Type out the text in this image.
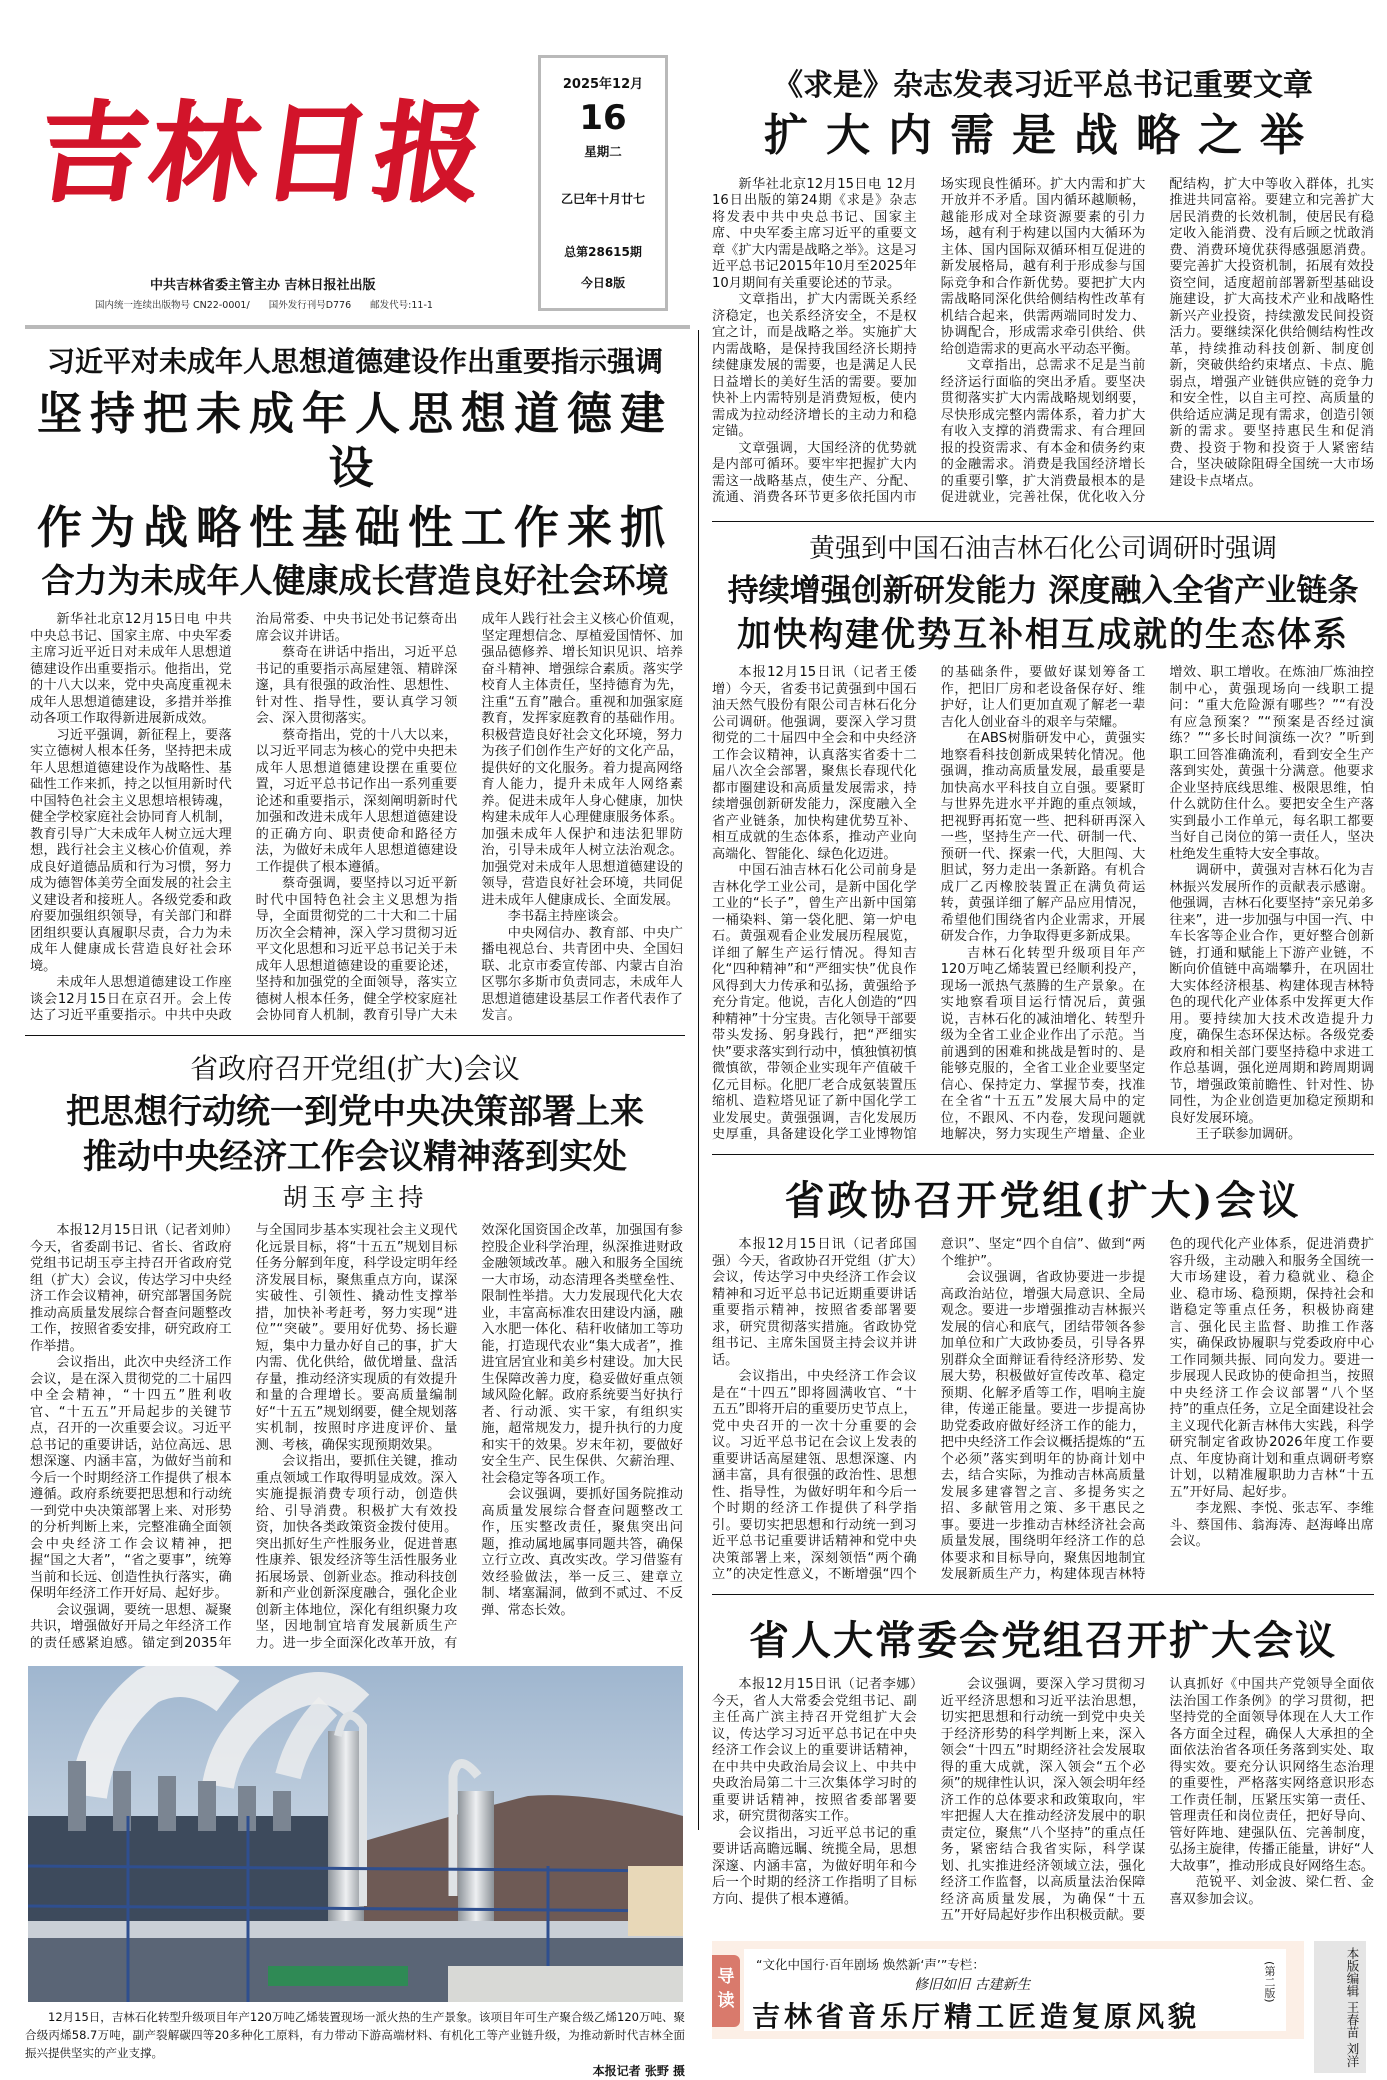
吉林日报
中共吉林省委主管主办 吉林日报社出版
国内统一连续出版物号 CN22-0001/ 国外发行刊号D776 邮发代号:11-1
2025年12月
16
星期二
乙巳年十月廿七
总第28615期
今日8版
习近平对未成年人思想道德建设作出重要指示强调
坚持把未成年人思想道德建设
作为战略性基础性工作来抓
合力为未成年人健康成长营造良好社会环境

新华社北京12月15日电 中共中央总书记、国家主席、中央军委主席习近平近日对未成年人思想道德建设作出重要指示。他指出，党的十八大以来，党中央高度重视未成年人思想道德建设，多措并举推动各项工作取得新进展新成效。

习近平强调，新征程上，要落实立德树人根本任务，坚持把未成年人思想道德建设作为战略性、基础性工作来抓，持之以恒用新时代中国特色社会主义思想培根铸魂，健全学校家庭社会协同育人机制，教育引导广大未成年人树立远大理想，践行社会主义核心价值观，养成良好道德品质和行为习惯，努力成为德智体美劳全面发展的社会主义建设者和接班人。各级党委和政府要加强组织领导，有关部门和群团组织要认真履职尽责，合力为未成年人健康成长营造良好社会环境。

未成年人思想道德建设工作座谈会12月15日在京召开。会上传达了习近平重要指示。中共中央政治局常委、中央书记处书记蔡奇出席会议并讲话。

蔡奇在讲话中指出，习近平总书记的重要指示高屋建瓴、精辟深邃，具有很强的政治性、思想性、针对性、指导性，要认真学习领会、深入贯彻落实。

蔡奇指出，党的十八大以来，以习近平同志为核心的党中央把未成年人思想道德建设摆在重要位置，习近平总书记作出一系列重要论述和重要指示，深刻阐明新时代加强和改进未成年人思想道德建设的正确方向、职责使命和路径方法，为做好未成年人思想道德建设工作提供了根本遵循。

蔡奇强调，要坚持以习近平新时代中国特色社会主义思想为指导，全面贯彻党的二十大和二十届历次全会精神，深入学习贯彻习近平文化思想和习近平总书记关于未成年人思想道德建设的重要论述，坚持和加强党的全面领导，落实立德树人根本任务，健全学校家庭社会协同育人机制，教育引导广大未成年人践行社会主义核心价值观，坚定理想信念、厚植爱国情怀、加强品德修养、增长知识见识、培养奋斗精神、增强综合素质。落实学校育人主体责任，坚持德育为先，注重“五育”融合。重视和加强家庭教育，发挥家庭教育的基础作用。积极营造良好社会文化环境，努力为孩子们创作生产好的文化产品，提供好的文化服务。着力提高网络育人能力，提升未成年人网络素养。促进未成年人身心健康，加快构建未成年人心理健康服务体系。加强未成年人保护和违法犯罪防治，引导未成年人树立法治观念。加强党对未成年人思想道德建设的领导，营造良好社会环境，共同促进未成年人健康成长、全面发展。

李书磊主持座谈会。

中央网信办、教育部、中央广播电视总台、共青团中央、全国妇联、北京市委宣传部、内蒙古自治区鄂尔多斯市负责同志，未成年人思想道德建设基层工作者代表作了发言。

省政府召开党组(扩大)会议
把思想行动统一到党中央决策部署上来
推动中央经济工作会议精神落到实处
胡玉亭主持

本报12月15日讯（记者刘帅）今天，省委副书记、省长、省政府党组书记胡玉亭主持召开省政府党组（扩大）会议，传达学习中央经济工作会议精神，研究部署国务院推动高质量发展综合督查问题整改工作，按照省委安排，研究政府工作举措。

会议指出，此次中央经济工作会议，是在深入贯彻党的二十届四中全会精神，“十四五”胜利收官、“十五五”开局起步的关键节点，召开的一次重要会议。习近平总书记的重要讲话，站位高远、思想深邃、内涵丰富，为做好当前和今后一个时期经济工作提供了根本遵循。政府系统要把思想和行动统一到党中央决策部署上来、对形势的分析判断上来，完整准确全面领会中央经济工作会议精神，把握“国之大者”，“省之要事”，统筹当前和长远、创造性执行落实，确保明年经济工作开好局、起好步。

会议强调，要统一思想、凝聚共识，增强做好开局之年经济工作的责任感紧迫感。锚定到2035年与全国同步基本实现社会主义现代化远景目标，将“十五五”规划目标任务分解到年度，科学设定明年经济发展目标，聚焦重点方向，谋深实破性、引领性、撬动性支撑举措，加快补考赶考，努力实现“进位”“突破”。要用好优势、扬长避短，集中力量办好自己的事，扩大内需、优化供给，做优增量、盘活存量，推动经济实现质的有效提升和量的合理增长。要高质量编制好“十五五”规划纲要，健全规划落实机制，按照时序进度评价、量测、考核，确保实现预期效果。

会议指出，要抓住关键，推动重点领域工作取得明显成效。深入实施提振消费专项行动，创造供给、引导消费。积极扩大有效投资，加快各类政策资金拨付使用。突出抓好生产性服务业，促进普惠性康养、银发经济等生活性服务业拓展场景、创新业态。推动科技创新和产业创新深度融合，强化企业创新主体地位，深化有组织聚力攻坚，因地制宜培育发展新质生产力。进一步全面深化改革开放，有效深化国资国企改革，加强国有参控股企业科学治理，纵深推进财政金融领域改革。融入和服务全国统一大市场，动态清理各类壁垒性、限制性举措。大力发展现代化大农业，丰富高标准农田建设内涵，融入水肥一体化、秸秆收储加工等功能，打造现代农业“集大成者”，推进宜居宜业和美乡村建设。加大民生保障改善力度，稳妥做好重点领域风险化解。政府系统要当好执行者、行动派、实干家，有组织实施，超常规发力，提升执行的力度和实干的效果。岁末年初，要做好安全生产、民生保供、欠薪治理、社会稳定等各项工作。

会议强调，要抓好国务院推动高质量发展综合督查问题整改工作，压实整改责任，聚焦突出问题，推动属地属事同题共答，确保立行立改、真改实改。学习借鉴有效经验做法，举一反三、建章立制、堵塞漏洞，做到不贰过、不反弹、常态长效。

12月15日，吉林石化转型升级项目年产120万吨乙烯装置现场一派火热的生产景象。该项目年可生产聚合级乙烯120万吨、聚合级丙烯58.7万吨，副产裂解碳四等20多种化工原料，有力带动下游高端材料、有机化工等产业链升级，为推动新时代吉林全面振兴提供坚实的产业支撑。
本报记者 张野 摄
《求是》杂志发表习近平总书记重要文章
扩大内需是战略之举

新华社北京12月15日电 12月16日出版的第24期《求是》杂志将发表中共中央总书记、国家主席、中央军委主席习近平的重要文章《扩大内需是战略之举》。这是习近平总书记2015年10月至2025年10月期间有关重要论述的节录。

文章指出，扩大内需既关系经济稳定，也关系经济安全，不是权宜之计，而是战略之举。实施扩大内需战略，是保持我国经济长期持续健康发展的需要，也是满足人民日益增长的美好生活的需要。要加快补上内需特别是消费短板，使内需成为拉动经济增长的主动力和稳定锚。

文章强调，大国经济的优势就是内部可循环。要牢牢把握扩大内需这一战略基点，使生产、分配、流通、消费各环节更多依托国内市场实现良性循环。扩大内需和扩大开放并不矛盾。国内循环越顺畅，越能形成对全球资源要素的引力场，越有利于构建以国内大循环为主体、国内国际双循环相互促进的新发展格局，越有利于形成参与国际竞争和合作新优势。要把扩大内需战略同深化供给侧结构性改革有机结合起来，供需两端同时发力、协调配合，形成需求牵引供给、供给创造需求的更高水平动态平衡。

文章指出，总需求不足是当前经济运行面临的突出矛盾。要坚决贯彻落实扩大内需战略规划纲要，尽快形成完整内需体系，着力扩大有收入支撑的消费需求、有合理回报的投资需求、有本金和债务约束的金融需求。消费是我国经济增长的重要引擎，扩大消费最根本的是促进就业，完善社保，优化收入分配结构，扩大中等收入群体，扎实推进共同富裕。要建立和完善扩大居民消费的长效机制，使居民有稳定收入能消费、没有后顾之忧敢消费、消费环境优获得感强愿消费。要完善扩大投资机制，拓展有效投资空间，适度超前部署新型基础设施建设，扩大高技术产业和战略性新兴产业投资，持续激发民间投资活力。要继续深化供给侧结构性改革，持续推动科技创新、制度创新，突破供给约束堵点、卡点、脆弱点，增强产业链供应链的竞争力和安全性，以自主可控、高质量的供给适应满足现有需求，创造引领新的需求。要坚持惠民生和促消费、投资于物和投资于人紧密结合，坚决破除阻碍全国统一大市场建设卡点堵点。

黄强到中国石油吉林石化公司调研时强调
持续增强创新研发能力 深度融入全省产业链条
加快构建优势互补相互成就的生态体系

本报12月15日讯（记者王倭增）今天，省委书记黄强到中国石油天然气股份有限公司吉林石化分公司调研。他强调，要深入学习贯彻党的二十届四中全会和中央经济工作会议精神，认真落实省委十二届八次全会部署，聚焦长春现代化都市圈建设和高质量发展需求，持续增强创新研发能力，深度融入全省产业链条，加快构建优势互补、相互成就的生态体系，推动产业向高端化、智能化、绿色化迈进。

中国石油吉林石化公司前身是吉林化学工业公司，是新中国化学工业的“长子”，曾生产出新中国第一桶染料、第一袋化肥、第一炉电石。黄强观看企业发展历程展览，详细了解生产运行情况。得知吉化“四种精神”和“严细实快”优良作风得到大力传承和弘扬，黄强给予充分肯定。他说，吉化人创造的“四种精神”十分宝贵。吉化领导干部要带头发扬、躬身践行，把“严细实快”要求落实到行动中，慎独慎初慎微慎欲，带领企业实现年产值破千亿元目标。化肥厂老合成氨装置压缩机、造粒塔见证了新中国化学工业发展史。黄强强调，吉化发展历史厚重，具备建设化学工业博物馆的基础条件，要做好谋划筹备工作，把旧厂房和老设备保存好、维护好，让人们更加直观了解老一辈吉化人创业奋斗的艰辛与荣耀。

在ABS树脂研发中心，黄强实地察看科技创新成果转化情况。他强调，推动高质量发展，最重要是加快高水平科技自立自强。要紧盯与世界先进水平并跑的重点领域，把视野再拓宽一些、把科研再深入一些，坚持生产一代、研制一代、预研一代、探索一代，大胆闯、大胆试，努力走出一条新路。有机合成厂乙丙橡胶装置正在满负荷运转，黄强详细了解产品应用情况，希望他们围绕省内企业需求，开展研发合作，力争取得更多新成果。

吉林石化转型升级项目年产120万吨乙烯装置已经顺利投产，现场一派热气蒸腾的生产景象。在实地察看项目运行情况后，黄强说，吉林石化的减油增化、转型升级为全省工业企业作出了示范。当前遇到的困难和挑战是暂时的、是能够克服的，全省工业企业要坚定信心、保持定力、掌握节奏，找准在全省“十五五”发展大局中的定位，不跟风、不内卷，发现问题就地解决，努力实现生产增量、企业增效、职工增收。在炼油厂炼油控制中心，黄强现场向一线职工提问：“重大危险源有哪些？”“有没有应急预案？”“预案是否经过演练？”“多长时间演练一次？”听到职工回答准确流利，看到安全生产落到实处，黄强十分满意。他要求企业坚持底线思维、极限思维，怕什么就防住什么。要把安全生产落实到最小工作单元，每名职工都要当好自己岗位的第一责任人，坚决杜绝发生重特大安全事故。

调研中，黄强对吉林石化为吉林振兴发展所作的贡献表示感谢。他强调，吉林石化要坚持“亲兄弟多往来”，进一步加强与中国一汽、中车长客等企业合作，更好整合创新链，打通和赋能上下游产业链，不断向价值链中高端攀升，在巩固壮大实体经济根基、构建体现吉林特色的现代化产业体系中发挥更大作用。要持续加大技术改造提升力度，确保生态环保达标。各级党委政府和相关部门要坚持稳中求进工作总基调，强化逆周期和跨周期调节，增强政策前瞻性、针对性、协同性，为企业创造更加稳定预期和良好发展环境。

王子联参加调研。

省政协召开党组(扩大)会议

本报12月15日讯（记者邱国强）今天，省政协召开党组（扩大）会议，传达学习中央经济工作会议精神和习近平总书记近期重要讲话重要指示精神，按照省委部署要求，研究贯彻落实措施。省政协党组书记、主席朱国贤主持会议并讲话。

会议指出，中央经济工作会议是在“十四五”即将圆满收官、“十五五”即将开启的重要历史节点上，党中央召开的一次十分重要的会议。习近平总书记在会议上发表的重要讲话高屋建瓴、思想深邃、内涵丰富，具有很强的政治性、思想性、指导性，为做好明年和今后一个时期的经济工作提供了科学指引。要切实把思想和行动统一到习近平总书记重要讲话精神和党中央决策部署上来，深刻领悟“两个确立”的决定性意义，不断增强“四个意识”、坚定“四个自信”、做到“两个维护”。

会议强调，省政协要进一步提高政治站位，增强大局意识、全局观念。要进一步增强推动吉林振兴发展的信心和底气，团结带领各参加单位和广大政协委员，引导各界别群众全面辩证看待经济形势、发展大势，积极做好宣传改革、稳定预期、化解矛盾等工作，唱响主旋律，传递正能量。要进一步提高协助党委政府做好经济工作的能力，把中央经济工作会议概括提炼的“五个必须”落实到明年的协商计划中去，结合实际，为推动吉林高质量发展多建睿智之言、多提务实之招、多献管用之策、多干惠民之事。要进一步推动吉林经济社会高质量发展，围绕明年经济工作的总体要求和目标导向，聚焦因地制宜发展新质生产力，构建体现吉林特色的现代化产业体系，促进消费扩容升级，主动融入和服务全国统一大市场建设，着力稳就业、稳企业、稳市场、稳预期，保持社会和谐稳定等重点任务，积极协商建言、强化民主监督、助推工作落实，确保政协履职与党委政府中心工作同频共振、同向发力。要进一步展现人民政协的使命担当，按照中央经济工作会议部署“八个坚持”的重点任务，立足全面建设社会主义现代化新吉林伟大实践，科学研究制定省政协2026年度工作要点、年度协商计划和重点调研考察计划，以精准履职助力吉林“十五五”开好局、起好步。

李龙熙、李悦、张志军、李维斗、蔡国伟、翁海涛、赵海峰出席会议。

省人大常委会党组召开扩大会议

本报12月15日讯（记者李娜）今天，省人大常委会党组书记、副主任高广滨主持召开党组扩大会议，传达学习习近平总书记在中央经济工作会议上的重要讲话精神，在中共中央政治局会议上、中共中央政治局第二十三次集体学习时的重要讲话精神，按照省委部署要求，研究贯彻落实工作。

会议指出，习近平总书记的重要讲话高瞻远瞩、统揽全局，思想深邃、内涵丰富，为做好明年和今后一个时期的经济工作指明了目标方向、提供了根本遵循。

会议强调，要深入学习贯彻习近平经济思想和习近平法治思想，切实把思想和行动统一到党中央关于经济形势的科学判断上来，深入领会“十四五”时期经济社会发展取得的重大成就，深入领会“五个必须”的规律性认识，深入领会明年经济工作的总体要求和政策取向，牢牢把握人大在推动经济发展中的职责定位，聚焦“八个坚持”的重点任务，紧密结合我省实际，科学谋划、扎实推进经济领域立法，强化经济工作监督，以高质量法治保障经济高质量发展，为确保“十五五”开好局起好步作出积极贡献。要认真抓好《中国共产党领导全面依法治国工作条例》的学习贯彻，把坚持党的全面领导体现在人大工作各方面全过程，确保人大承担的全面依法治省各项任务落到实处、取得实效。要充分认识网络生态治理的重要性，严格落实网络意识形态工作责任制，压紧压实第一责任、管理责任和岗位责任，把好导向、管好阵地、建强队伍、完善制度，弘扬主旋律，传播正能量，讲好“人大故事”，推动形成良好网络生态。

范锐平、刘金波、梁仁哲、金喜双参加会议。

导读
“文化中国行·百年剧场 焕然新‘声’”专栏：
修旧如旧 古建新生
吉林省音乐厅精工匠造复原风貌
(第二版)	本版编辑 王春苗 刘洋
